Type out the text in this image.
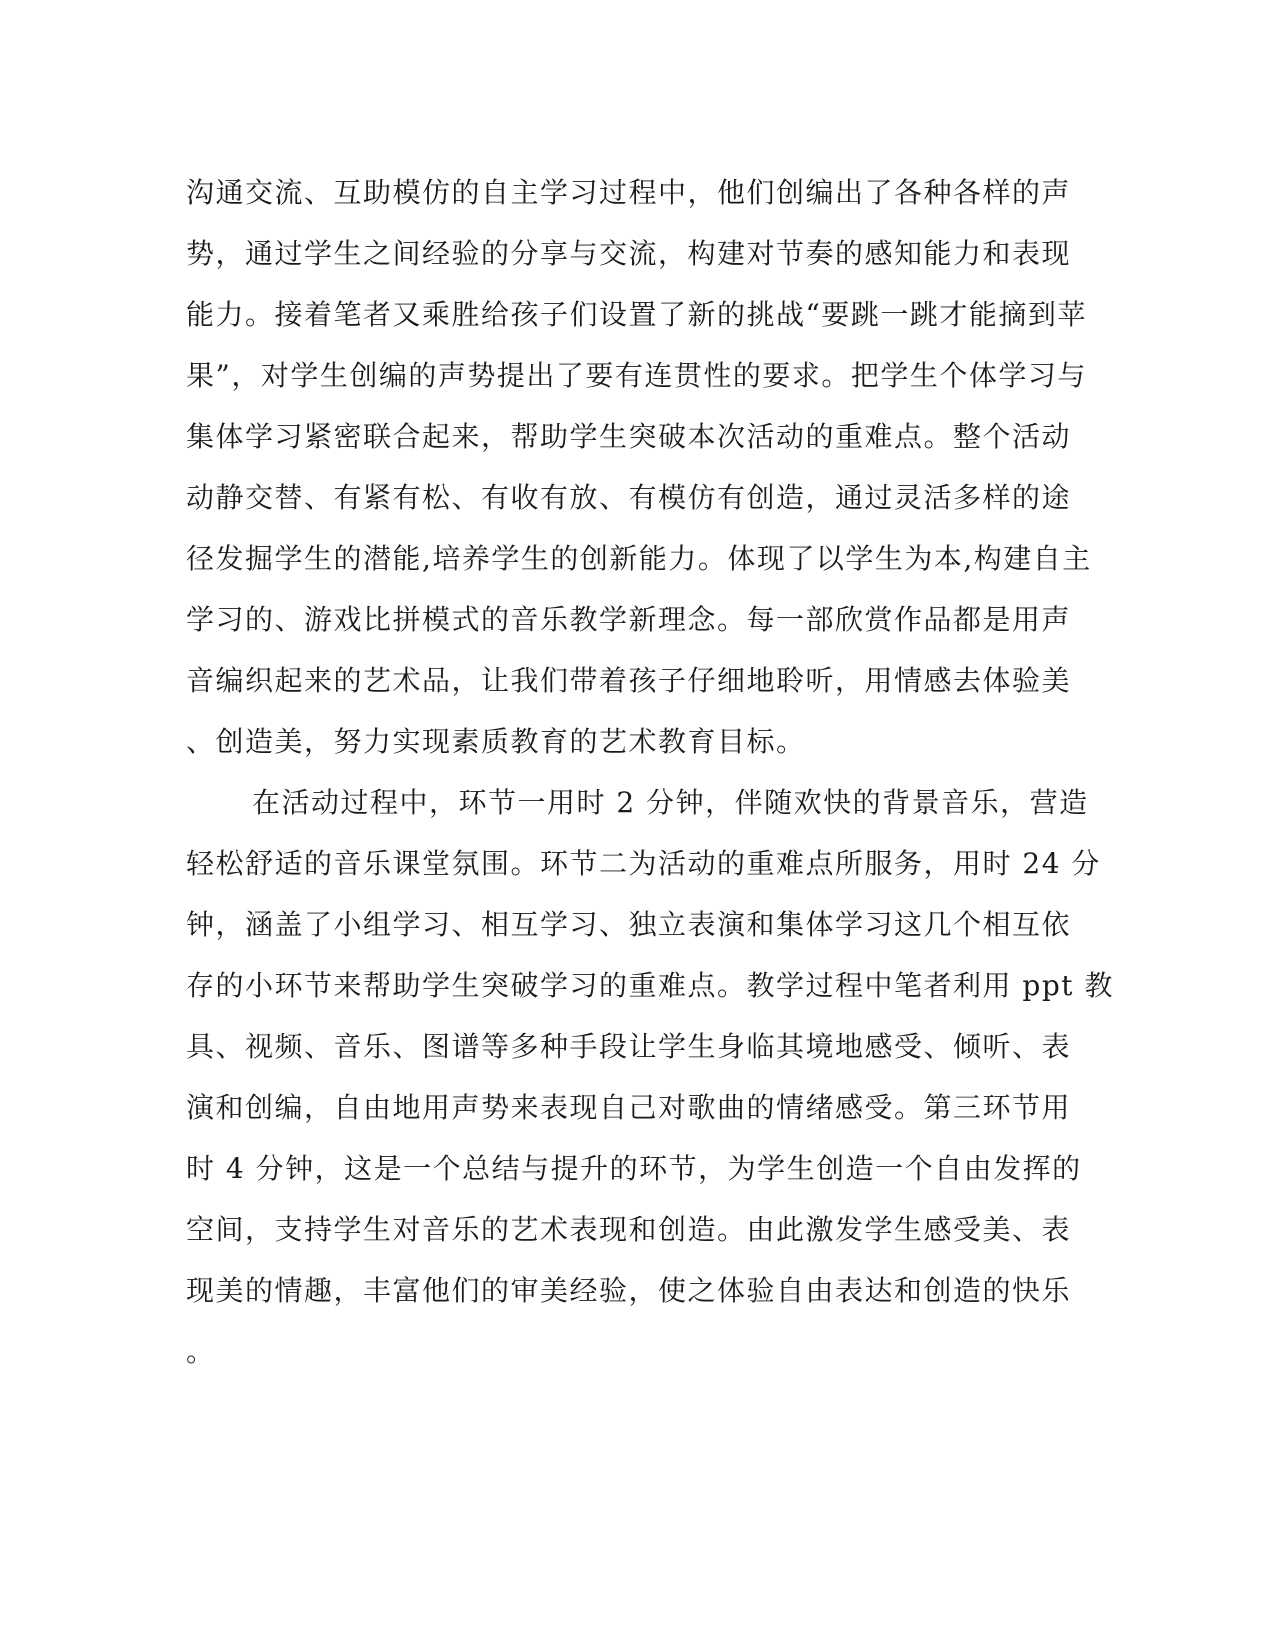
沟通交流、互助模仿的自主学习过程中，他们创编出了各种各样的声
势，通过学生之间经验的分享与交流，构建对节奏的感知能力和表现
能力。接着笔者又乘胜给孩子们设置了新的挑战“要跳一跳才能摘到苹
果”，对学生创编的声势提出了要有连贯性的要求。把学生个体学习与
集体学习紧密联合起来，帮助学生突破本次活动的重难点。整个活动
动静交替、有紧有松、有收有放、有模仿有创造，通过灵活多样的途
径发掘学生的潜能,培养学生的创新能力。体现了以学生为本,构建自主
学习的、游戏比拼模式的音乐教学新理念。每一部欣赏作品都是用声
音编织起来的艺术品，让我们带着孩子仔细地聆听，用情感去体验美
、创造美，努力实现素质教育的艺术教育目标。
在活动过程中，环节一用时 2 分钟，伴随欢快的背景音乐，营造
轻松舒适的音乐课堂氛围。环节二为活动的重难点所服务，用时 24 分
钟，涵盖了小组学习、相互学习、独立表演和集体学习这几个相互依
存的小环节来帮助学生突破学习的重难点。教学过程中笔者利用 ppt 教
具、视频、音乐、图谱等多种手段让学生身临其境地感受、倾听、表
演和创编，自由地用声势来表现自己对歌曲的情绪感受。第三环节用
时 4 分钟，这是一个总结与提升的环节，为学生创造一个自由发挥的
空间，支持学生对音乐的艺术表现和创造。由此激发学生感受美、表
现美的情趣，丰富他们的审美经验，使之体验自由表达和创造的快乐
。
